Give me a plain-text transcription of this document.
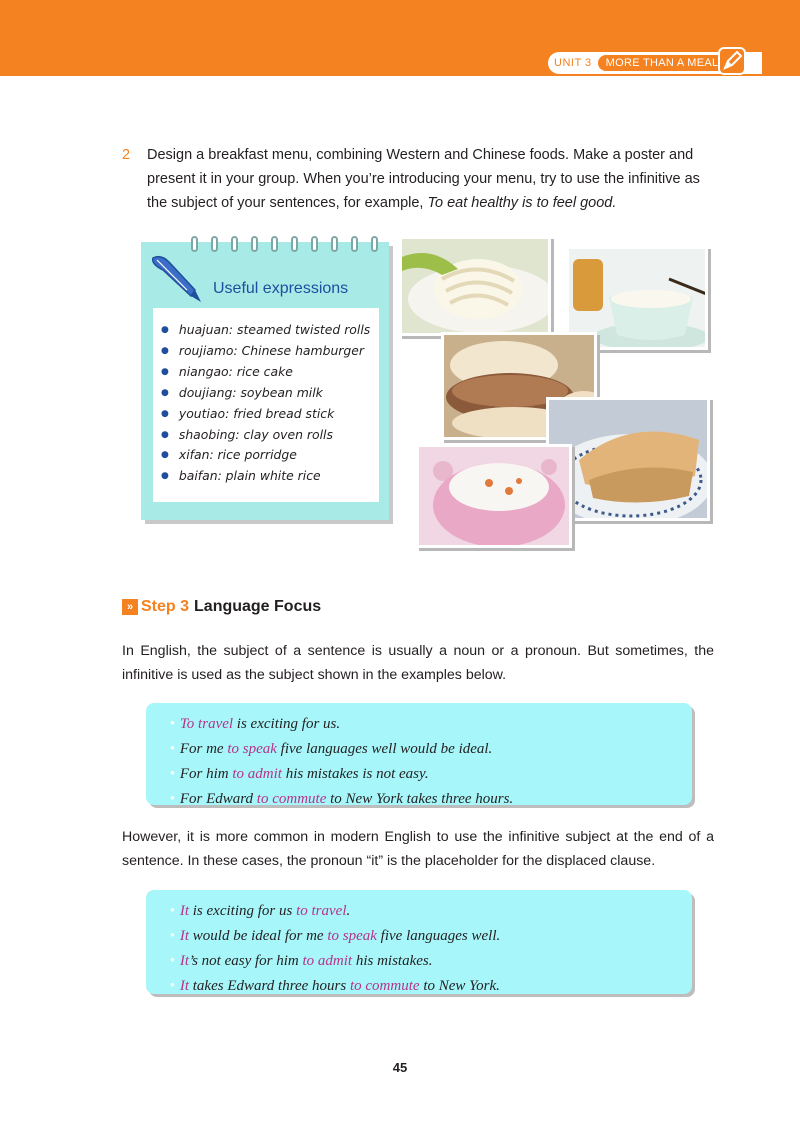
UNIT 3	MORE THAN A MEAL
2 Design a breakfast menu, combining Western and Chinese foods. Make a poster and present it in your group. When you’re introducing your menu, try to use the infinitive as the subject of your sentences, for example, To eat healthy is to feel good.
Useful expressions
● huajuan: steamed twisted rolls
● roujiamo: Chinese hamburger
● niangao: rice cake
● doujiang: soybean milk
● youtiao: fried bread stick
● shaobing: clay oven rolls
● xifan: rice porridge
● baifan: plain white rice
» Step 3 Language Focus

In English, the subject of a sentence is usually a noun or a pronoun. But sometimes, the infinitive is used as the subject shown in the examples below.

● To travel is exciting for us.

● For me to speak five languages well would be ideal.

● For him to admit his mistakes is not easy.

● For Edward to commute to New York takes three hours.

However, it is more common in modern English to use the infinitive subject at the end of a sentence. In these cases, the pronoun “it” is the placeholder for the displaced clause.

● It is exciting for us to travel.

● It would be ideal for me to speak five languages well.

● It’s not easy for him to admit his mistakes.

● It takes Edward three hours to commute to New York.

45
